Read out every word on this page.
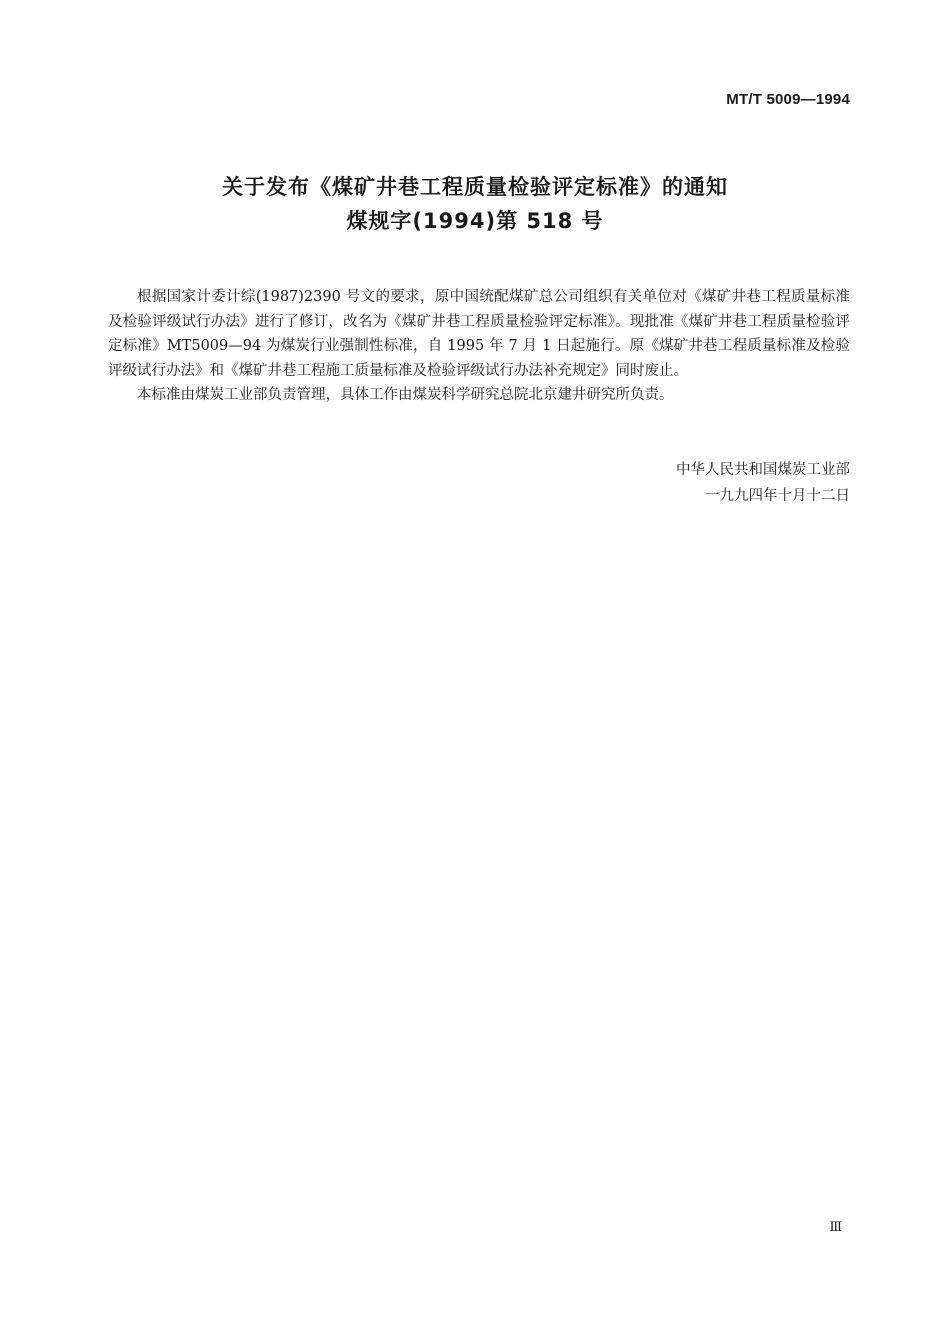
MT/T 5009—1994
关于发布《煤矿井巷工程质量检验评定标准》的通知
煤规字(1994)第 518 号

根据国家计委计综(1987)2390 号文的要求，原中国统配煤矿总公司组织有关单位对《煤矿井巷工程质量标准及检验评级试行办法》进行了修订，改名为《煤矿井巷工程质量检验评定标准》。现批准《煤矿井巷工程质量检验评定标准》MT5009—94 为煤炭行业强制性标准，自 1995 年 7 月 1 日起施行。原《煤矿井巷工程质量标准及检验评级试行办法》和《煤矿井巷工程施工质量标准及检验评级试行办法补充规定》同时废止。

本标准由煤炭工业部负责管理，具体工作由煤炭科学研究总院北京建井研究所负责。

中华人民共和国煤炭工业部
一九九四年十月十二日
Ⅲ
